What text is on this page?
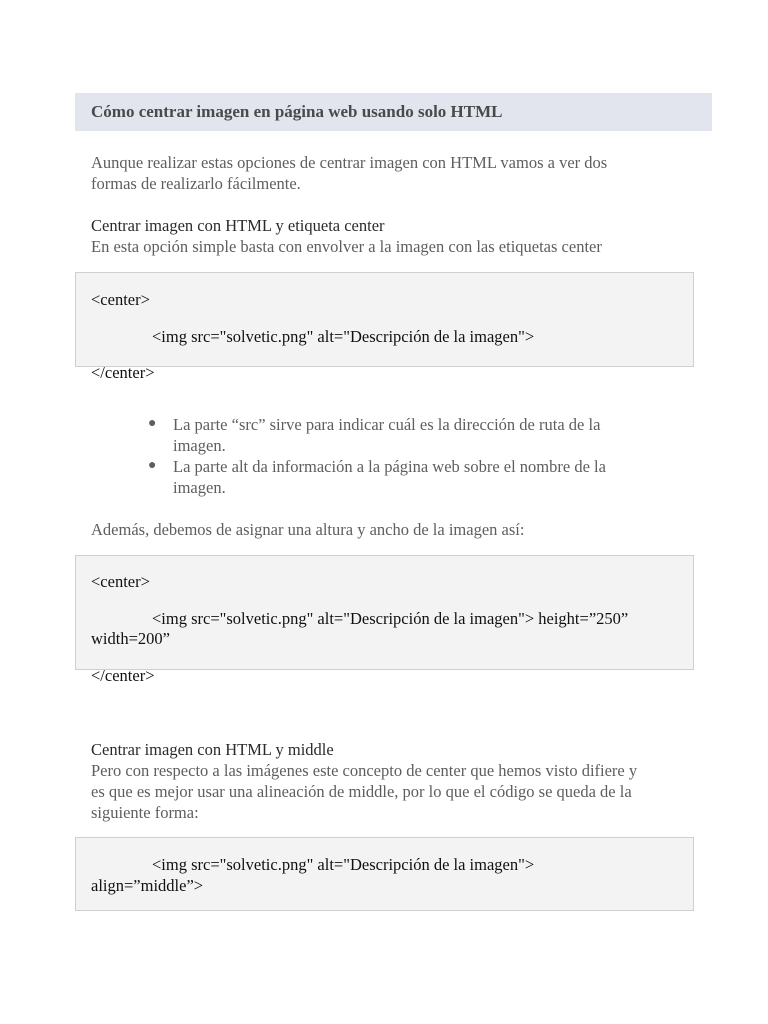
Cómo centrar imagen en página web usando solo HTML
Aunque realizar estas opciones de centrar imagen con HTML vamos a ver dos
formas de realizarlo fácilmente.
Centrar imagen con HTML y etiqueta center
En esta opción simple basta con envolver a la imagen con las etiquetas center
<center>
<img src="solvetic.png" alt="Descripción de la imagen">
</center>
● La parte “src” sirve para indicar cuál es la dirección de ruta de la
imagen.
● La parte alt da información a la página web sobre el nombre de la
imagen.
Además, debemos de asignar una altura y ancho de la imagen así:
<center>
<img src="solvetic.png" alt="Descripción de la imagen"> height=”250”
width=200”
</center>
Centrar imagen con HTML y middle
Pero con respecto a las imágenes este concepto de center que hemos visto difiere y
es que es mejor usar una alineación de middle, por lo que el código se queda de la
siguiente forma:
<img src="solvetic.png" alt="Descripción de la imagen">
align=”middle”>
